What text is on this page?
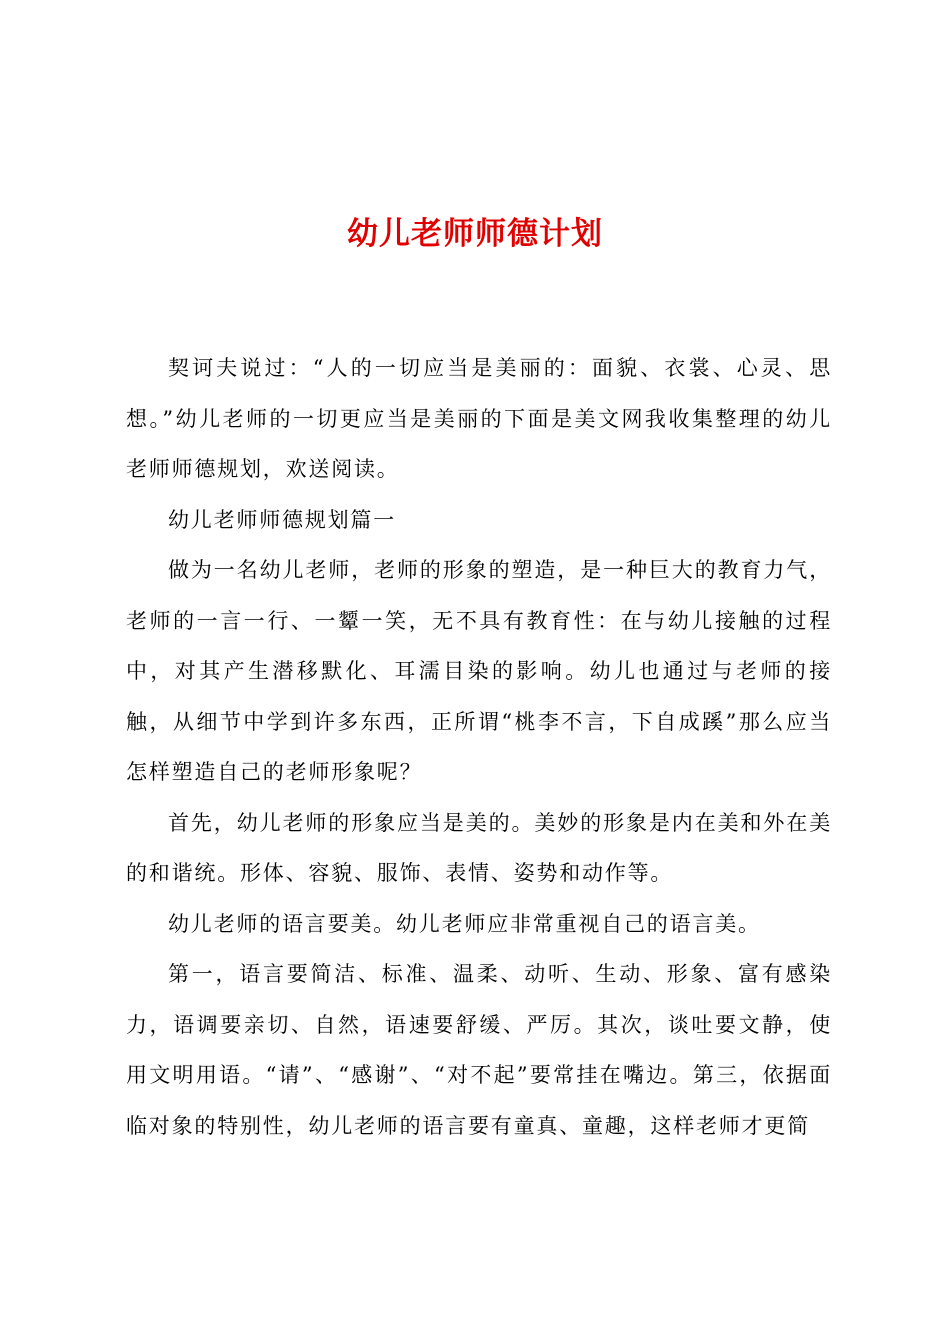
幼儿老师师德计划

契诃夫说过：“人的一切应当是美丽的：面貌、衣裳、心灵、思想。”幼儿老师的一切更应当是美丽的下面是美文网我收集整理的幼儿老师师德规划，欢送阅读。

幼儿老师师德规划篇一

做为一名幼儿老师，老师的形象的塑造，是一种巨大的教育力气，老师的一言一行、一颦一笑，无不具有教育性：在与幼儿接触的过程中，对其产生潜移默化、耳濡目染的影响。幼儿也通过与老师的接触，从细节中学到许多东西，正所谓“桃李不言，下自成蹊”那么应当怎样塑造自己的老师形象呢？

首先，幼儿老师的形象应当是美的。美妙的形象是内在美和外在美的和谐统。形体、容貌、服饰、表情、姿势和动作等。

幼儿老师的语言要美。幼儿老师应非常重视自己的语言美。

第一，语言要简洁、标准、温柔、动听、生动、形象、富有感染力，语调要亲切、自然，语速要舒缓、严厉。其次，谈吐要文静，使用文明用语。“请”、“感谢”、“对不起”要常挂在嘴边。第三，依据面临对象的特别性，幼儿老师的语言要有童真、童趣，这样老师才更简
